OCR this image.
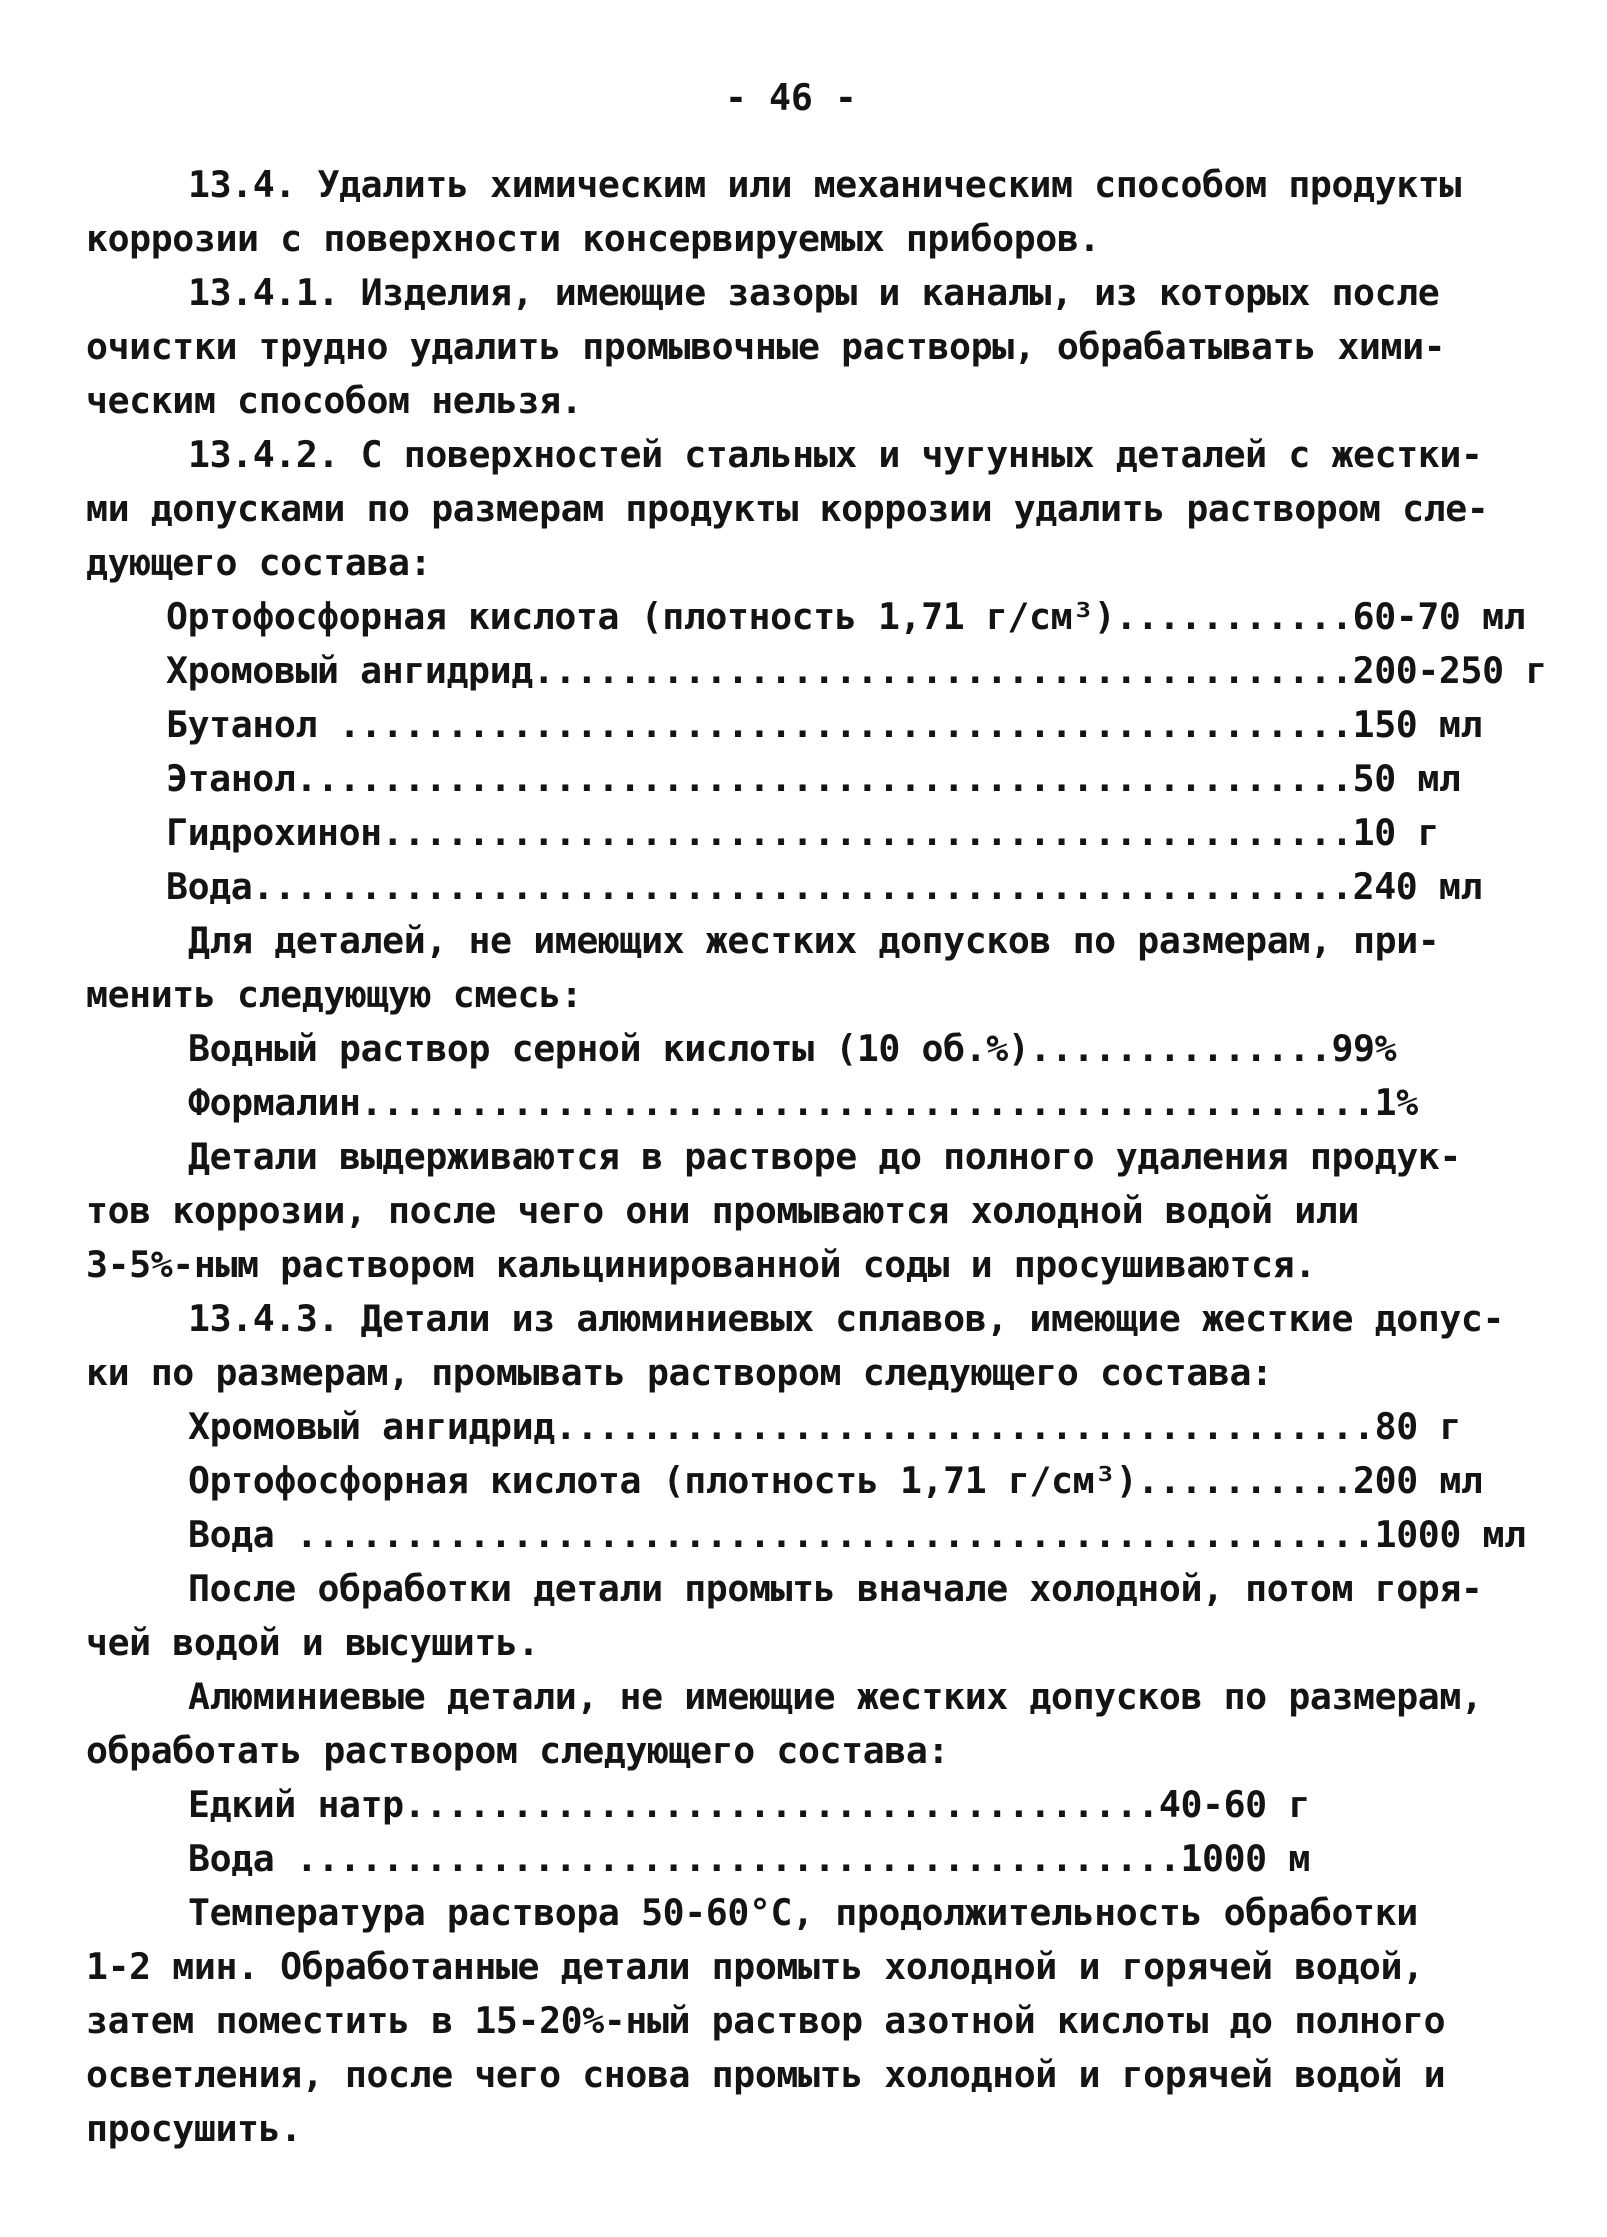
- 46 -
13.4. Удалить химическим или механическим способом продукты
коррозии с поверхности консервируемых приборов.
13.4.1. Изделия, имеющие зазоры и каналы, из которых после
очистки трудно удалить промывочные растворы, обрабатывать хими-
ческим способом нельзя.
13.4.2. С поверхностей стальных и чугунных деталей с жестки-
ми допусками по размерам продукты коррозии удалить раствором сле-
дующего состава:
Ортофосфорная кислота (плотность 1,71 г/см³)...........60-70 мл
Хромовый ангидрид......................................200-250 г
Бутанол ...............................................150 мл
Этанол.................................................50 мл
Гидрохинон.............................................10 г
Вода...................................................240 мл
Для деталей, не имеющих жестких допусков по размерам, при-
менить следующую смесь:
Водный раствор серной кислоты (10 об.%)..............99%
Формалин...............................................1%
Детали выдерживаются в растворе до полного удаления продук-
тов коррозии, после чего они промываются холодной водой или
3-5%-ным раствором кальцинированной соды и просушиваются.
13.4.3. Детали из алюминиевых сплавов, имеющие жесткие допус-
ки по размерам, промывать раствором следующего состава:
Хромовый ангидрид......................................80 г
Ортофосфорная кислота (плотность 1,71 г/см³)..........200 мл
Вода ..................................................1000 мл
После обработки детали промыть вначале холодной, потом горя-
чей водой и высушить.
Алюминиевые детали, не имеющие жестких допусков по размерам,
обработать раствором следующего состава:
Едкий натр...................................40-60 г
Вода .........................................1000 м
Температура раствора 50-60°С, продолжительность обработки
1-2 мин. Обработанные детали промыть холодной и горячей водой,
затем поместить в 15-20%-ный раствор азотной кислоты до полного
осветления, после чего снова промыть холодной и горячей водой и
просушить.
